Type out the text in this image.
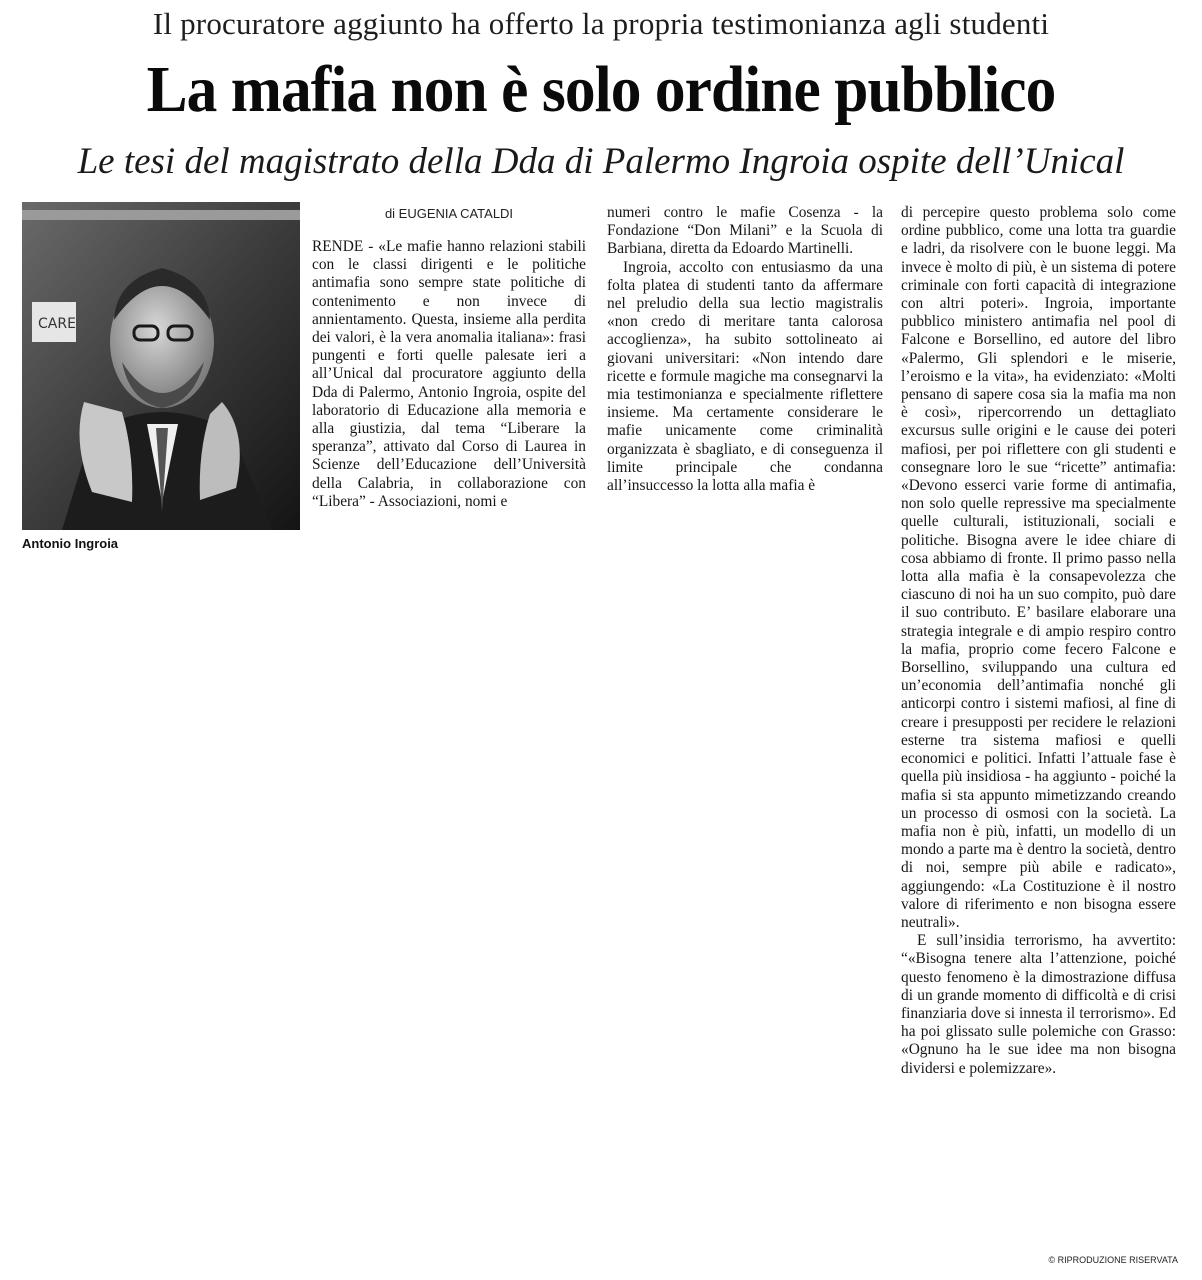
Il procuratore aggiunto ha offerto la propria testimonianza agli studenti
La mafia non è solo ordine pubblico
Le tesi del magistrato della Dda di Palermo Ingroia ospite dell’Unical
CARE
Antonio Ingroia
di EUGENIA CATALDI

RENDE - «Le mafie hanno relazioni stabili con le classi dirigenti e le politiche antimafia sono sempre state politiche di contenimento e non invece di annientamento. Questa, insieme alla perdita dei valori, è la vera anomalia italiana»: frasi pungenti e forti quelle palesate ieri a all’Unical dal procuratore aggiunto della Dda di Palermo, Antonio Ingroia, ospite del laboratorio di Educazione alla memoria e alla giustizia, dal tema “Liberare la speranza”, attivato dal Corso di Laurea in Scienze dell’Educazione dell’Università della Calabria, in collaborazione con “Libera” - Associazioni, nomi e

numeri contro le mafie Cosenza - la Fondazione “Don Milani” e la Scuola di Barbiana, diretta da Edoardo Martinelli.

Ingroia, accolto con entusiasmo da una folta platea di studenti tanto da affermare nel preludio della sua lectio magistralis «non credo di meritare tanta calorosa accoglienza», ha subito sottolineato ai giovani universitari: «Non intendo dare ricette e formule magiche ma consegnarvi la mia testimonianza e specialmente riflettere insieme. Ma certamente considerare le mafie unicamente come criminalità organizzata è sbagliato, e di conseguenza il limite principale che condanna all’insuccesso la lotta alla mafia è

di percepire questo problema solo come ordine pubblico, come una lotta tra guardie e ladri, da risolvere con le buone leggi. Ma invece è molto di più, è un sistema di potere criminale con forti capacità di integrazione con altri poteri». Ingroia, importante pubblico ministero antimafia nel pool di Falcone e Borsellino, ed autore del libro «Palermo, Gli splendori e le miserie, l’eroismo e la vita», ha evidenziato: «Molti pensano di sapere cosa sia la mafia ma non è così», ripercorrendo un dettagliato excursus sulle origini e le cause dei poteri mafiosi, per poi riflettere con gli studenti e consegnare loro le sue “ricette” antimafia: «Devono esserci varie forme di antimafia, non solo quelle repressive ma specialmente quelle culturali, istituzionali, sociali e politiche. Bisogna avere le idee chiare di cosa abbiamo di fronte. Il primo passo nella lotta alla mafia è la consapevolezza che ciascuno di noi ha un suo compito, può dare il suo contributo. E’ basilare elaborare una strategia integrale e di ampio respiro contro la mafia, proprio come fecero Falcone e Borsellino, sviluppando una cultura ed un’economia dell’antimafia nonché gli anticorpi contro i sistemi mafiosi, al fine di creare i presupposti per recidere le relazioni esterne tra sistema mafiosi e quelli economici e politici. Infatti l’attuale fase è quella più insidiosa - ha aggiunto - poiché la mafia si sta appunto mimetizzando creando un processo di osmosi con la società. La mafia non è più, infatti, un modello di un mondo a parte ma è dentro la società, dentro di noi, sempre più abile e radicato», aggiungendo: «La Costituzione è il nostro valore di riferimento e non bisogna essere neutrali».

E sull’insidia terrorismo, ha avvertito: “«Bisogna tenere alta l’attenzione, poiché questo fenomeno è la dimostrazione diffusa di un grande momento di difficoltà e di crisi finanziaria dove si innesta il terrorismo». Ed ha poi glissato sulle polemiche con Grasso: «Ognuno ha le sue idee ma non bisogna dividersi e polemizzare».

© RIPRODUZIONE RISERVATA
